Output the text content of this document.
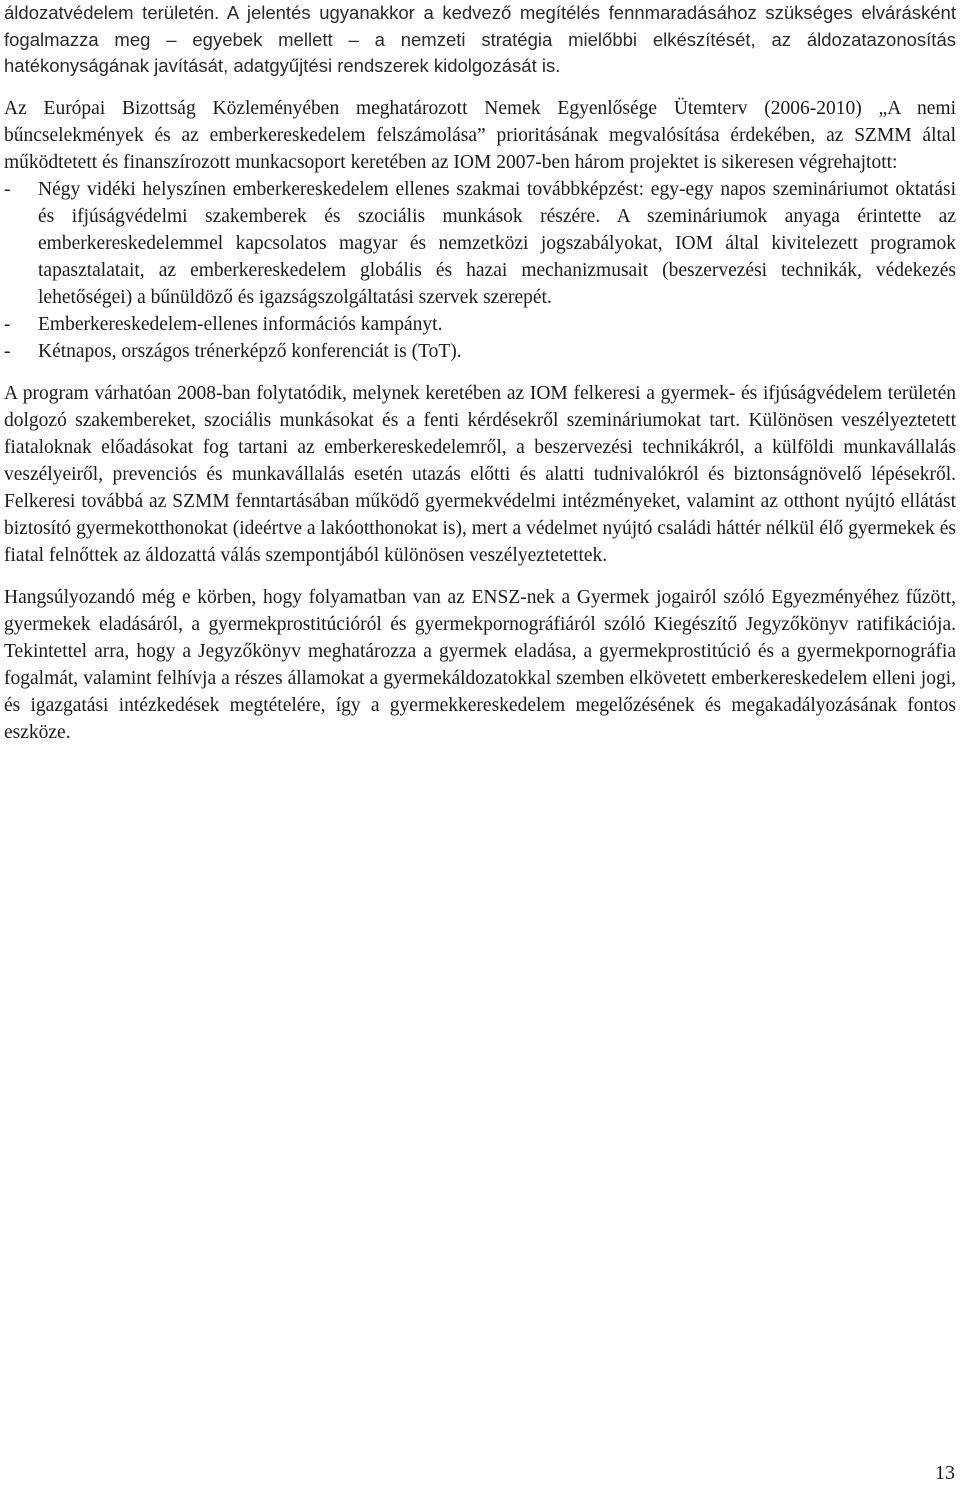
áldozatvédelem területén. A jelentés ugyanakkor a kedvező megítélés fennmaradásához szükséges elvárásként fogalmazza meg – egyebek mellett – a nemzeti stratégia mielőbbi elkészítését, az áldozatazonosítás hatékonyságának javítását, adatgyűjtési rendszerek kidolgozását is.

Az Európai Bizottság Közleményében meghatározott Nemek Egyenlősége Ütemterv (2006-2010) „A nemi bűncselekmények és az emberkereskedelem felszámolása” prioritásának megvalósítása érdekében, az SZMM által működtetett és finanszírozott munkacsoport keretében az IOM 2007-ben három projektet is sikeresen végrehajtott:

- Négy vidéki helyszínen emberkereskedelem ellenes szakmai továbbképzést: egy-egy napos szemináriumot oktatási és ifjúságvédelmi szakemberek és szociális munkások részére. A szemináriumok anyaga érintette az emberkereskedelemmel kapcsolatos magyar és nemzetközi jogszabályokat, IOM által kivitelezett programok tapasztalatait, az emberkereskedelem globális és hazai mechanizmusait (beszervezési technikák, védekezés lehetőségei) a bűnüldöző és igazságszolgáltatási szervek szerepét.
- Emberkereskedelem-ellenes információs kampányt.
- Kétnapos, országos trénerképző konferenciát is (ToT).

A program várhatóan 2008-ban folytatódik, melynek keretében az IOM felkeresi a gyermek- és ifjúságvédelem területén dolgozó szakembereket, szociális munkásokat és a fenti kérdésekről szemináriumokat tart. Különösen veszélyeztetett fiataloknak előadásokat fog tartani az emberkereskedelemről, a beszervezési technikákról, a külföldi munkavállalás veszélyeiről, prevenciós és munkavállalás esetén utazás előtti és alatti tudnivalókról és biztonságnövelő lépésekről. Felkeresi továbbá az SZMM fenntartásában működő gyermekvédelmi intézményeket, valamint az otthont nyújtó ellátást biztosító gyermekotthonokat (ideértve a lakóotthonokat is), mert a védelmet nyújtó családi háttér nélkül élő gyermekek és fiatal felnőttek az áldozattá válás szempontjából különösen veszélyeztetettek.

Hangsúlyozandó még e körben, hogy folyamatban van az ENSZ-nek a Gyermek jogairól szóló Egyezményéhez fűzött, gyermekek eladásáról, a gyermekprostitúcióról és gyermekpornográfiáról szóló Kiegészítő Jegyzőkönyv ratifikációja. Tekintettel arra, hogy a Jegyzőkönyv meghatározza a gyermek eladása, a gyermekprostitúció és a gyermekpornográfia fogalmát, valamint felhívja a részes államokat a gyermekáldozatokkal szemben elkövetett emberkereskedelem elleni jogi, és igazgatási intézkedések megtételére, így a gyermekkereskedelem megelőzésének és megakadályozásának fontos eszköze.

13
